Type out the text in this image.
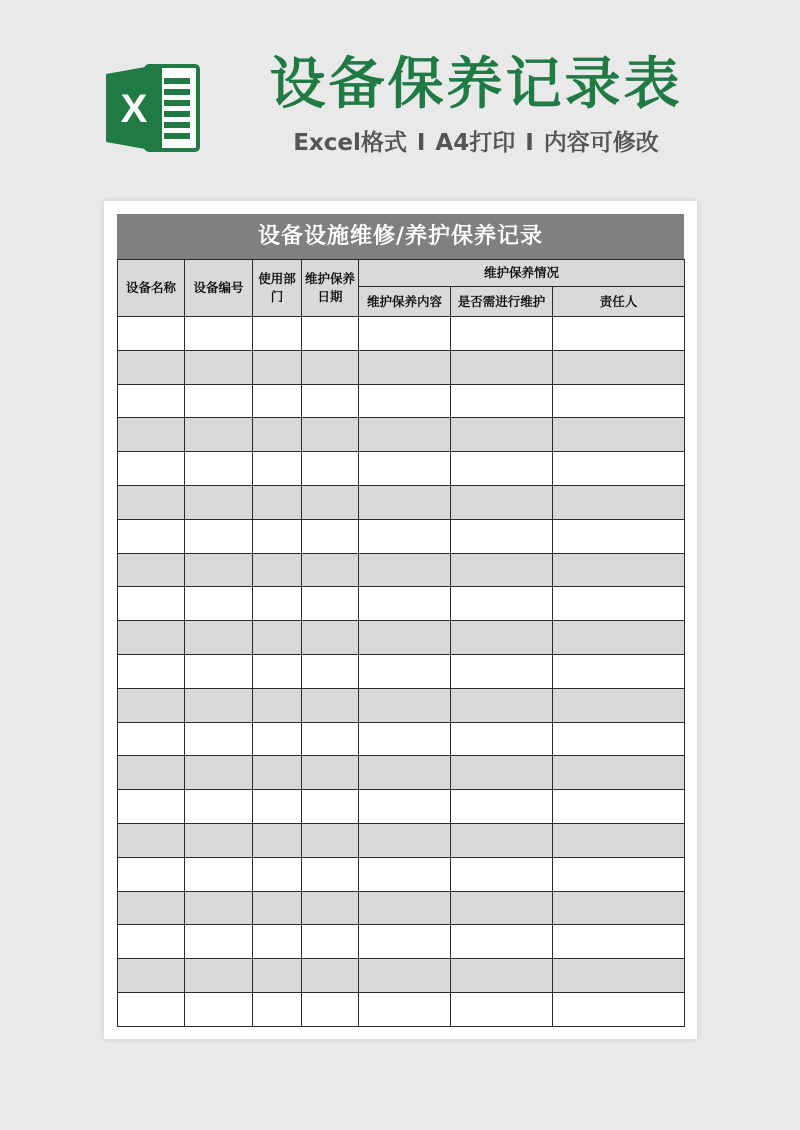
X 设备保养记录表
Excel格式 I A4打印 I 内容可修改
设备设施维修/养护保养记录
设备名称	设备编号	使用部门	维护保养日期	维护保养情况		
				维护保养内容	是否需进行维护	责任人
